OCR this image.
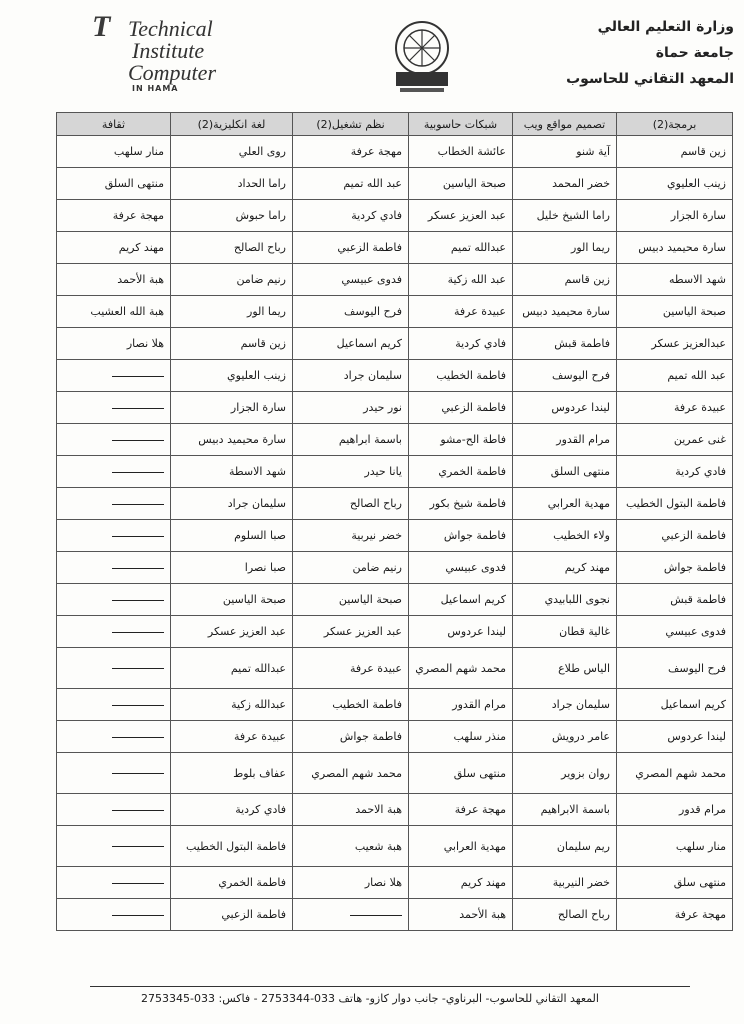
T Technical
Institute
Computer
IN HAMA
وزارة التعليم العالي
جامعة حماة
المعهد التقاني للحاسوب
برمجة(2)	تصميم مواقع ويب	شبكات حاسوبية	نظم تشغيل(2)	لغة انكليزية(2)	ثقافة
زين قاسم	آية شنو	عائشة الخطاب	مهجة عرفة	روى العلي	منار سلهب
زينب العليوي	خضر المحمد	صبحة الياسين	عبد الله تميم	راما الحداد	منتهى السلق
سارة الجزار	راما الشيخ خليل	عبد العزيز عسكر	فادي كردية	راما حبوش	مهجة عرفة
سارة محيميد دبيس	ريما الور	عبدالله تميم	فاطمة الزعبي	رباح الصالح	مهند كريم
شهد الاسطه	زين قاسم	عبد الله زكية	فدوى عبيسي	رنيم ضامن	هبة الأحمد
صبحة الياسين	سارة محيميد دبيس	عبيدة عرفة	فرح اليوسف	ريما الور	هبة الله العشيب
عبدالعزيز عسكر	فاطمة قبش	فادي كردية	كريم اسماعيل	زين قاسم	هلا نصار
عبد الله تميم	فرح اليوسف	فاطمة الخطيب	سليمان جراد	زينب العليوي	
عبيدة عرفة	ليندا عردوس	فاطمة الزعبي	نور حيدر	سارة الجزار	
غنى عمرين	مرام القدور	فاطة الح-مشو	باسمة ابراهيم	سارة محيميد دبيس	
فادي كردية	منتهى السلق	فاطمة الخمري	يانا حيدر	شهد الاسطة	
فاطمة البتول الخطيب	مهدية العرابي	فاطمة شيخ بكور	رباح الصالح	سليمان جراد	
فاطمة الزعبي	ولاء الخطيب	فاطمة جواش	خضر نيربية	صبا السلوم	
فاطمة جواش	مهند كريم	فدوى عبيسي	رنيم ضامن	صبا نصرا	
فاطمة قبش	نجوى اللبابيدي	كريم اسماعيل	صبحة الياسين	صبحة الياسين	
فدوى عبيسي	غالية قطان	ليندا عردوس	عبد العزيز عسكر	عبد العزيز عسكر	
فرح اليوسف	الياس طلاع	محمد شهم المصري	عبيدة عرفة	عبدالله تميم	
كريم اسماعيل	سليمان جراد	مرام القدور	فاطمة الخطيب	عبدالله زكية	
ليندا عردوس	عامر درويش	منذر سلهب	فاطمة جواش	عبيدة عرفة	
محمد شهم المصري	روان بزوير	منتهى سلق	محمد شهم المصري	عفاف بلوط	
مرام قدور	باسمة الابراهيم	مهجة عرفة	هبة الاحمد	فادي كردية	
منار سلهب	ريم سليمان	مهدية العرابي	هبة شعيب	فاطمة البتول الخطيب	
منتهى سلق	خضر النيربية	مهند كريم	هلا نصار	فاطمة الخمري	
مهجة عرفة	رباح الصالح	هبة الأحمد		فاطمة الزعبي	
المعهد التقاني للحاسوب- البرناوي- جانب دوار كازو- هاتف 033-2753344 - فاكس: 033-2753345
